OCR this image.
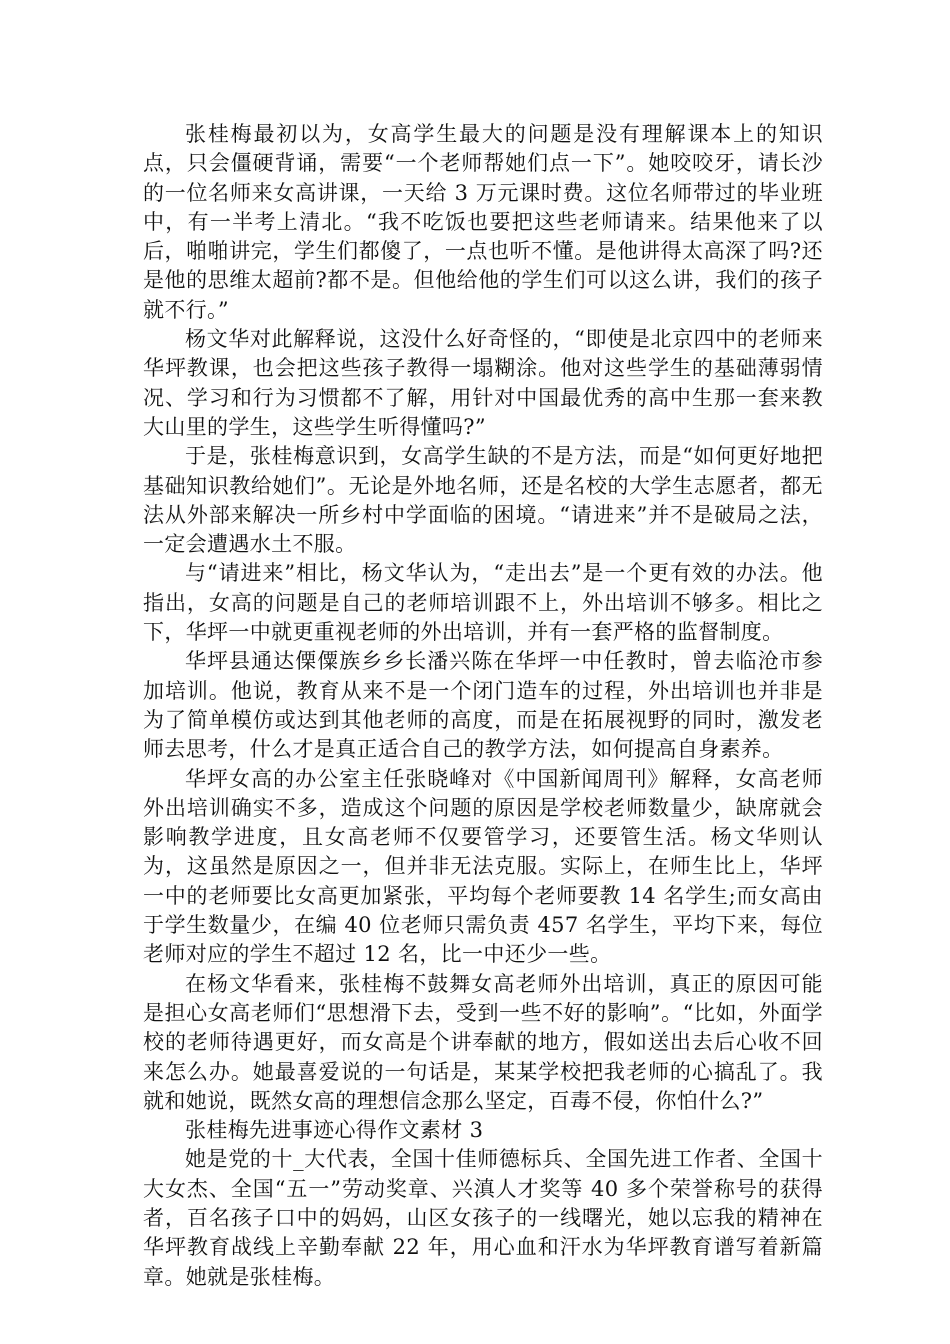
张桂梅最初以为，女高学生最大的问题是没有理解课本上的知识点，只会僵硬背诵，需要“一个老师帮她们点一下”。她咬咬牙，请长沙的一位名师来女高讲课，一天给 3 万元课时费。这位名师带过的毕业班中，有一半考上清北。“我不吃饭也要把这些老师请来。结果他来了以后，啪啪讲完，学生们都傻了，一点也听不懂。是他讲得太高深了吗?还是他的思维太超前?都不是。但他给他的学生们可以这么讲，我们的孩子就不行。”

杨文华对此解释说，这没什么好奇怪的，“即使是北京四中的老师来华坪教课，也会把这些孩子教得一塌糊涂。他对这些学生的基础薄弱情况、学习和行为习惯都不了解，用针对中国最优秀的高中生那一套来教大山里的学生，这些学生听得懂吗?”

于是，张桂梅意识到，女高学生缺的不是方法，而是“如何更好地把基础知识教给她们”。无论是外地名师，还是名校的大学生志愿者，都无法从外部来解决一所乡村中学面临的困境。“请进来”并不是破局之法，一定会遭遇水土不服。

与“请进来”相比，杨文华认为，“走出去”是一个更有效的办法。他指出，女高的问题是自己的老师培训跟不上，外出培训不够多。相比之下，华坪一中就更重视老师的外出培训，并有一套严格的监督制度。

华坪县通达傈僳族乡乡长潘兴陈在华坪一中任教时，曾去临沧市参加培训。他说，教育从来不是一个闭门造车的过程，外出培训也并非是为了简单模仿或达到其他老师的高度，而是在拓展视野的同时，激发老师去思考，什么才是真正适合自己的教学方法，如何提高自身素养。

华坪女高的办公室主任张晓峰对《中国新闻周刊》解释，女高老师外出培训确实不多，造成这个问题的原因是学校老师数量少，缺席就会影响教学进度，且女高老师不仅要管学习，还要管生活。杨文华则认为，这虽然是原因之一，但并非无法克服。实际上，在师生比上，华坪一中的老师要比女高更加紧张，平均每个老师要教 14 名学生;而女高由于学生数量少，在编 40 位老师只需负责 457 名学生，平均下来，每位老师对应的学生不超过 12 名，比一中还少一些。

在杨文华看来，张桂梅不鼓舞女高老师外出培训，真正的原因可能是担心女高老师们“思想滑下去，受到一些不好的影响”。“比如，外面学校的老师待遇更好，而女高是个讲奉献的地方，假如送出去后心收不回来怎么办。她最喜爱说的一句话是，某某学校把我老师的心搞乱了。我就和她说，既然女高的理想信念那么坚定，百毒不侵，你怕什么?”

张桂梅先进事迹心得作文素材 3

她是党的十_大代表，全国十佳师德标兵、全国先进工作者、全国十大女杰、全国“五一”劳动奖章、兴滇人才奖等 40 多个荣誉称号的获得者，百名孩子口中的妈妈，山区女孩子的一线曙光，她以忘我的精神在华坪教育战线上辛勤奉献 22 年，用心血和汗水为华坪教育谱写着新篇章。她就是张桂梅。
